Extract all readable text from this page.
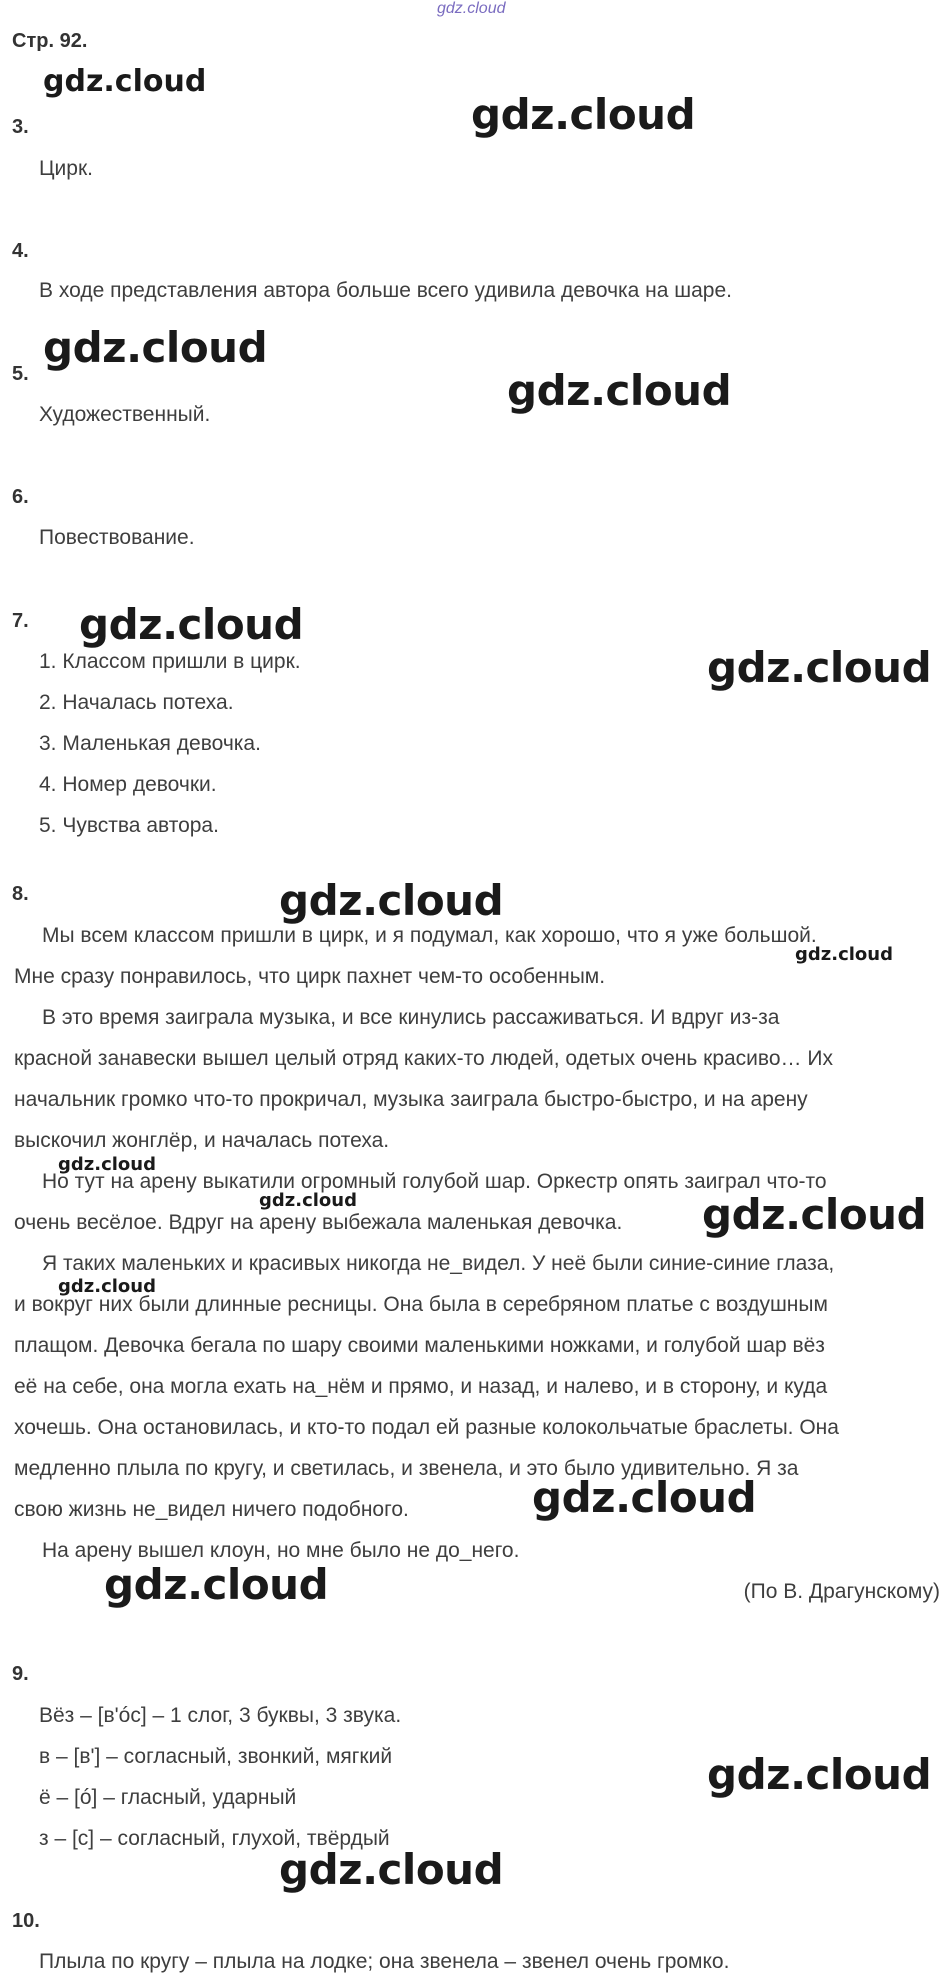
gdz.cloud
Стр. 92.
3.
Цирк.
4.
В ходе представления автора больше всего удивила девочка на шаре.
5.
Художественный.
6.
Повествование.
7.
1. Классом пришли в цирк.
2. Началась потеха.
3. Маленькая девочка.
4. Номер девочки.
5. Чувства автора.
8.
Мы всем классом пришли в цирк, и я подумал, как хорошо, что я уже большой.
Мне сразу понравилось, что цирк пахнет чем-то особенным.
В это время заиграла музыка, и все кинулись рассаживаться. И вдруг из-за
красной занавески вышел целый отряд каких-то людей, одетых очень красиво… Их
начальник громко что-то прокричал, музыка заиграла быстро-быстро, и на арену
выскочил жонглёр, и началась потеха.
Но тут на арену выкатили огромный голубой шар. Оркестр опять заиграл что-то
очень весёлое. Вдруг на арену выбежала маленькая девочка.
Я таких маленьких и красивых никогда не_видел. У неё были синие-синие глаза,
и вокруг них были длинные ресницы. Она была в серебряном платье с воздушным
плащом. Девочка бегала по шару своими маленькими ножками, и голубой шар вёз
её на себе, она могла ехать на_нём и прямо, и назад, и налево, и в сторону, и куда
хочешь. Она остановилась, и кто-то подал ей разные колокольчатые браслеты. Она
медленно плыла по кругу, и светилась, и звенела, и это было удивительно. Я за
свою жизнь не_видел ничего подобного.
На арену вышел клоун, но мне было не до_него.
(По В. Драгунскому)
9.
Вёз – [в'óс] – 1 слог, 3 буквы, 3 звука.
в – [в'] – согласный, звонкий, мягкий
ё – [ó] – гласный, ударный
з – [с] – согласный, глухой, твёрдый
10.
Плыла по кругу – плыла на лодке; она звенела – звенел очень громко.
gdz.cloud
gdz.cloud
gdz.cloud
gdz.cloud
gdz.cloud
gdz.cloud
gdz.cloud
gdz.cloud
gdz.cloud
gdz.cloud	gdz.cloud
gdz.cloud
gdz.cloud
gdz.cloud
gdz.cloud
gdz.cloud
